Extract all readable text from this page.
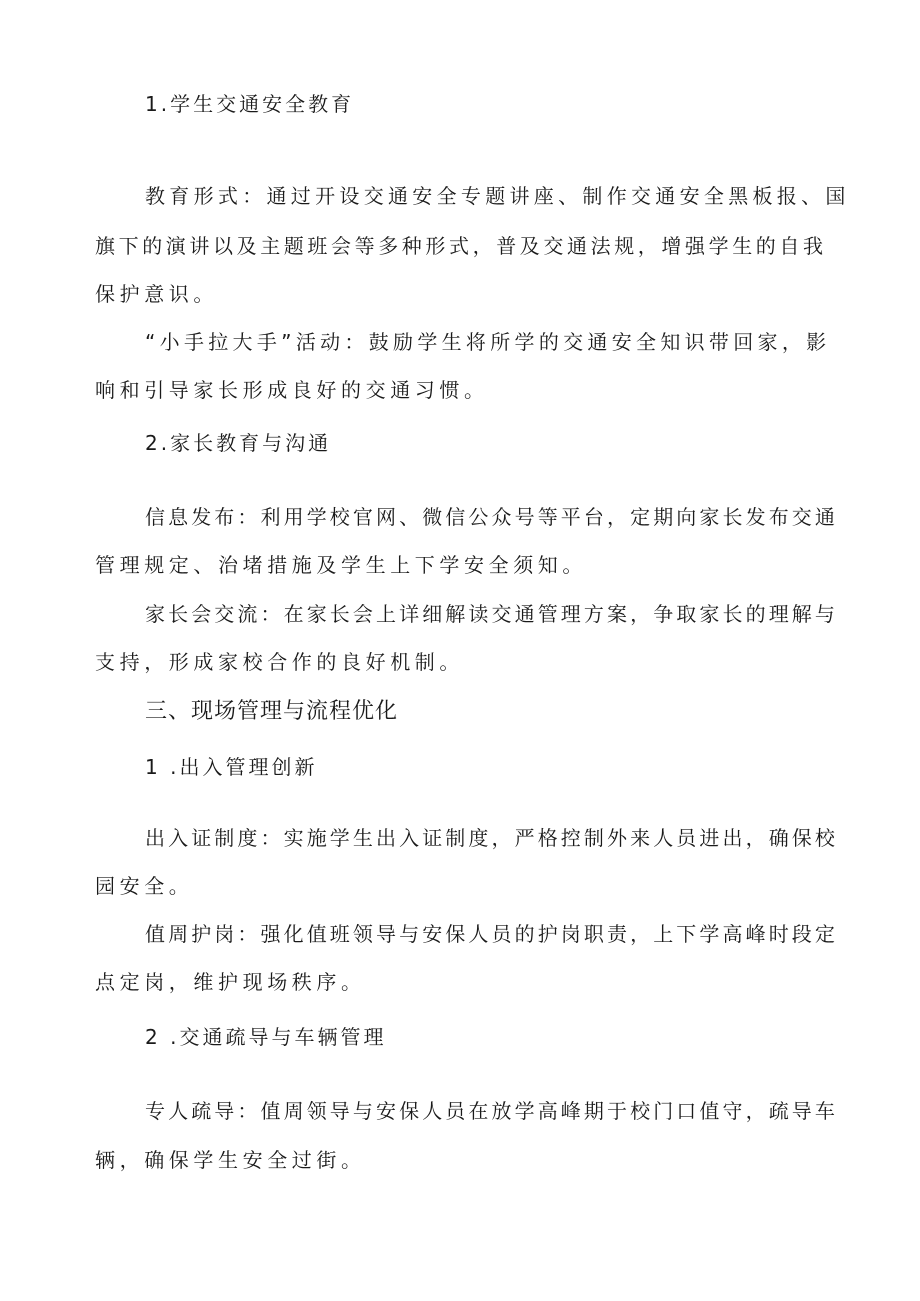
1.学生交通安全教育
教育形式：通过开设交通安全专题讲座、制作交通安全黑板报、国
旗下的演讲以及主题班会等多种形式，普及交通法规，增强学生的自我
保护意识。
“小手拉大手”活动：鼓励学生将所学的交通安全知识带回家，影
响和引导家长形成良好的交通习惯。
2.家长教育与沟通
信息发布：利用学校官网、微信公众号等平台，定期向家长发布交通
管理规定、治堵措施及学生上下学安全须知。
家长会交流：在家长会上详细解读交通管理方案，争取家长的理解与
支持，形成家校合作的良好机制。
三、现场管理与流程优化
1 .出入管理创新
出入证制度：实施学生出入证制度，严格控制外来人员进出，确保校
园安全。
值周护岗：强化值班领导与安保人员的护岗职责，上下学高峰时段定
点定岗，维护现场秩序。
2 .交通疏导与车辆管理
专人疏导：值周领导与安保人员在放学高峰期于校门口值守，疏导车
辆，确保学生安全过街。
